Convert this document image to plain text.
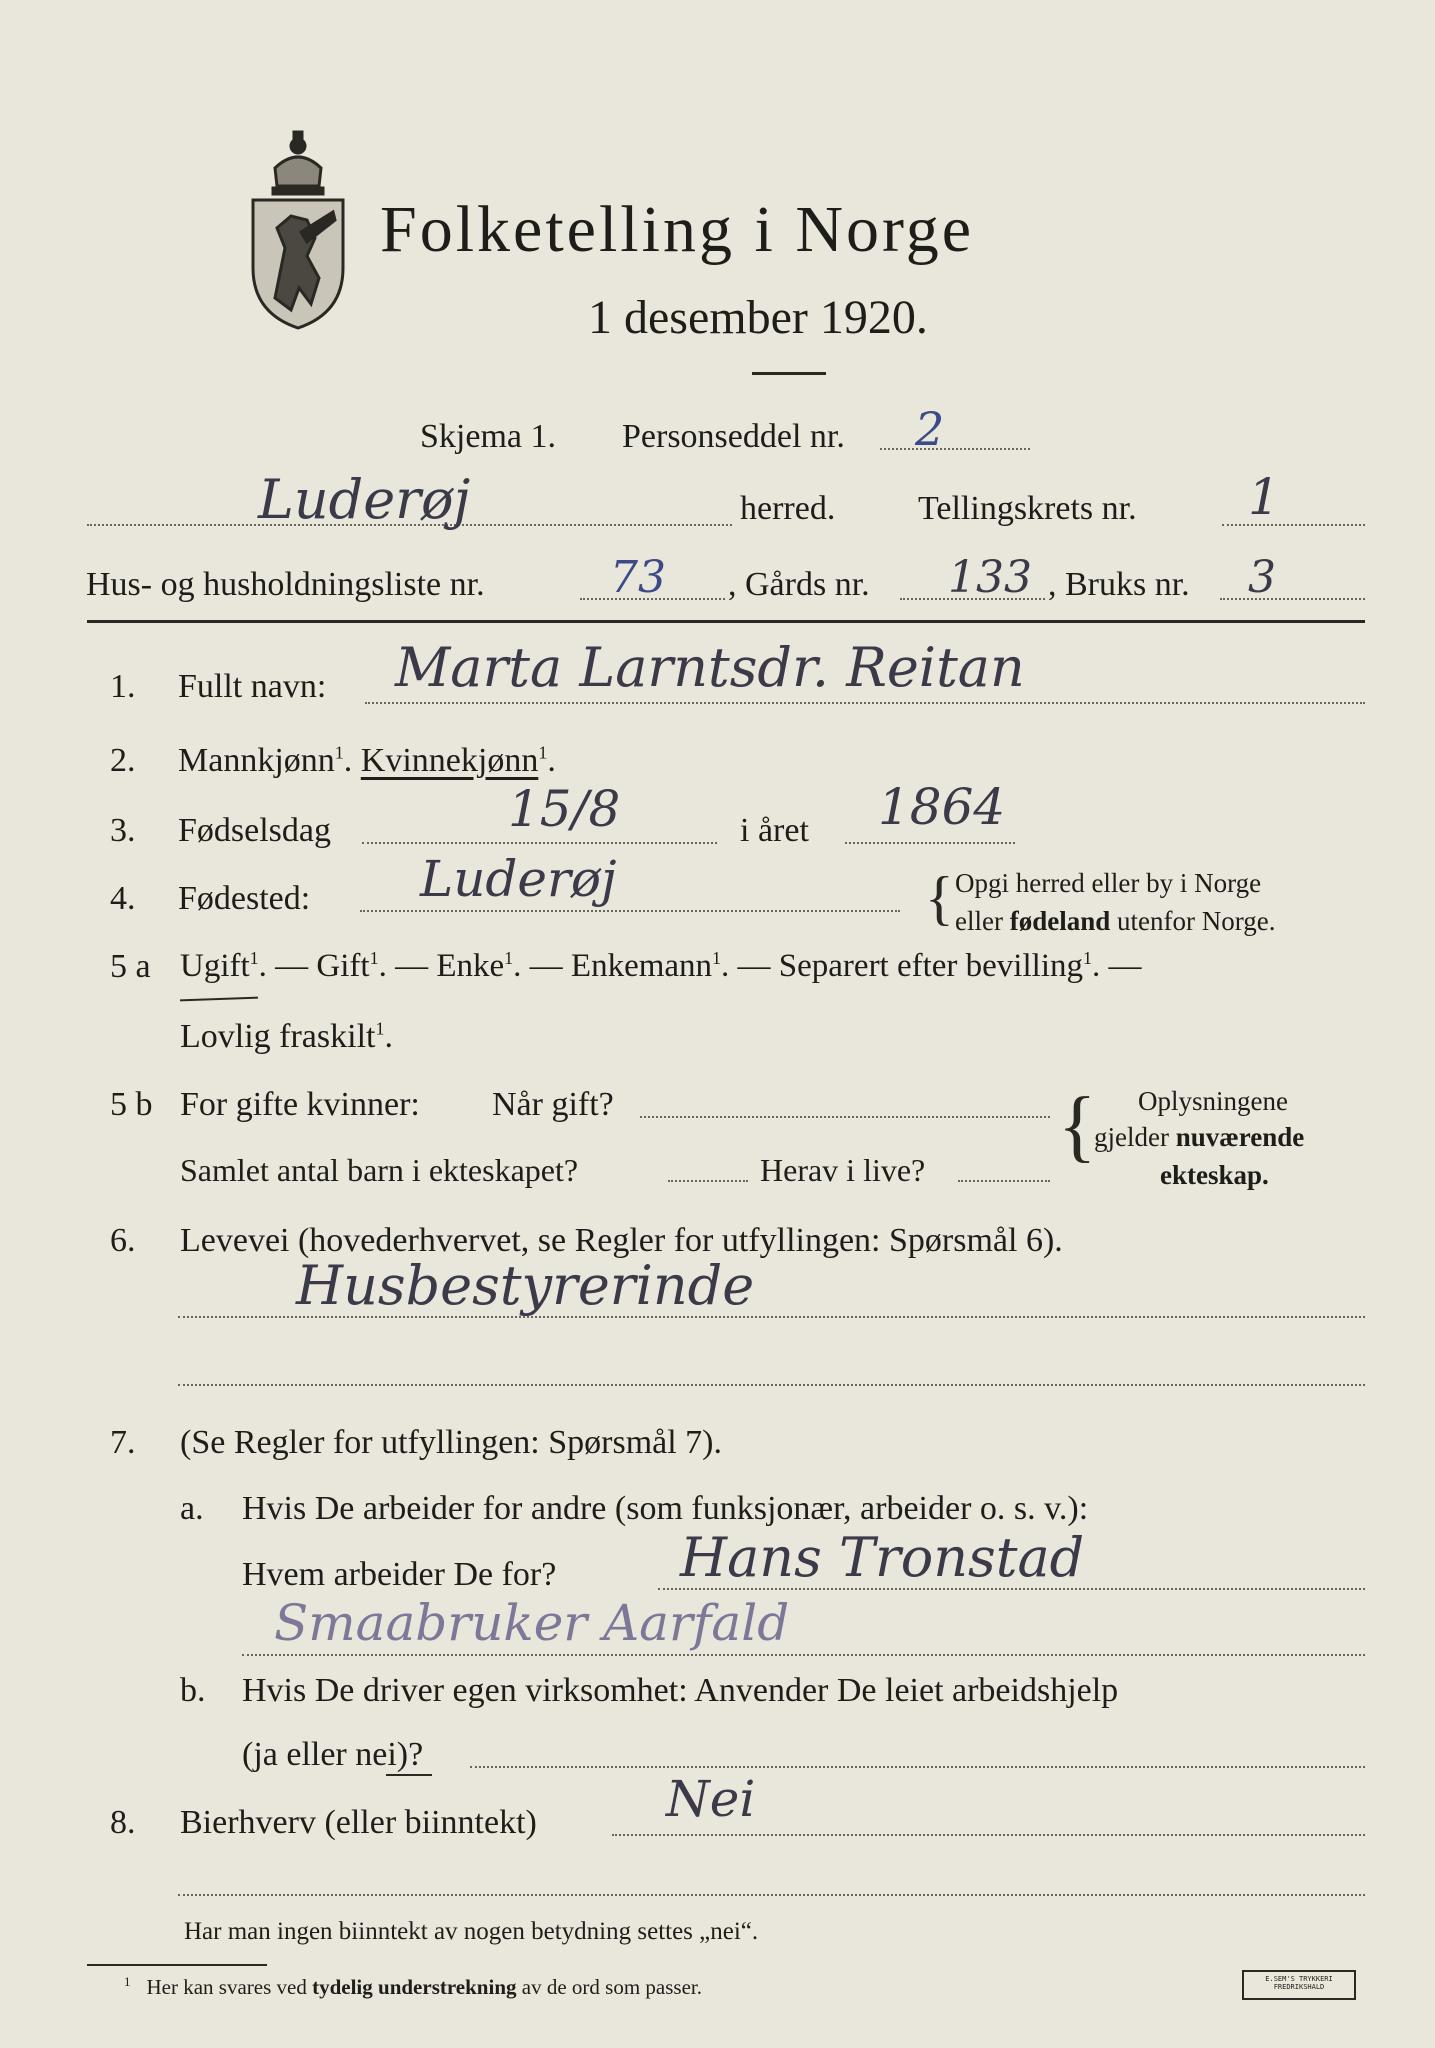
Folketelling i Norge
1 desember 1920.
Skjema 1. Personseddel nr. 2
Luderøj	herred. Tellingskrets nr. 1
Hus- og husholdningsliste nr.	73 , Gårds nr. 133 , Bruks nr. 3
1. Fullt navn: Marta Larntsdr. Reitan
2. Mannkjønn$^1$. Kvinnekjønn$^1$.
3. Fødselsdag	15/8	i året 1864
4. Fødested: Luderøj	{ Opgi herred eller by i Norge
eller fødeland utenfor Norge.
5 a Ugift$^1$. — Gift$^1$. — Enke$^1$. — Enkemann$^1$. — Separert efter bevilling$^1$. —
Lovlig fraskilt$^1$.
5 b For gifte kvinner: Når gift?
Samlet antal barn i ekteskapet?	Herav i live? { Oplysningene
gjelder nuværende
ekteskap.
6. Levevei (hovederhvervet, se Regler for utfyllingen: Spørsmål 6).
Husbestyrerinde
7. (Se Regler for utfyllingen: Spørsmål 7).
a. Hvis De arbeider for andre (som funksjonær, arbeider o. s. v.):
Hvem arbeider De for? Hans Tronstad
Smaabruker Aarfald
b. Hvis De driver egen virksomhet: Anvender De leiet arbeidshjelp
(ja eller nei)?
8. Bierhverv (eller biinntekt)	Nei
Har man ingen biinntekt av nogen betydning settes „nei“.
$^1$ Her kan svares ved tydelig understrekning av de ord som passer.	E.SEM'S TRYKKERI
FREDRIKSHALD
